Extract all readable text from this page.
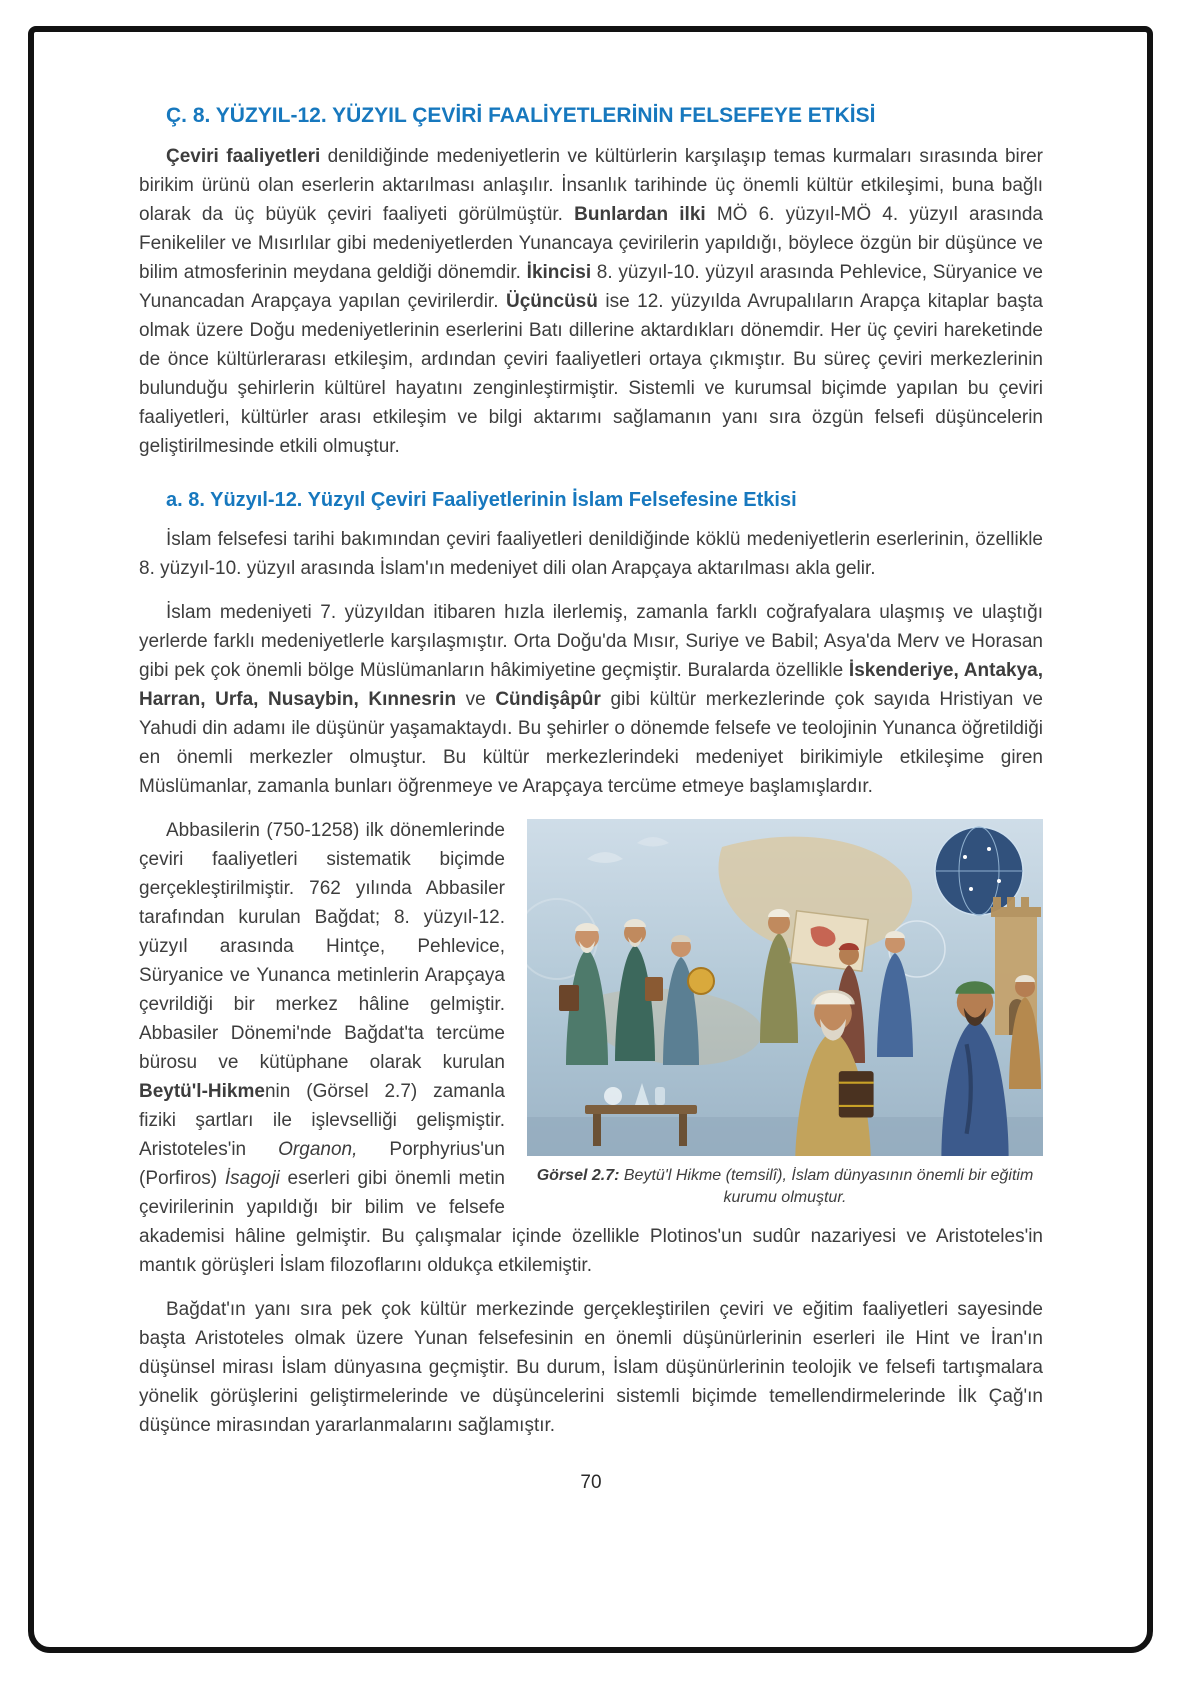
Ç. 8. YÜZYIL-12. YÜZYIL ÇEVİRİ FAALİYETLERİNİN FELSEFEYE ETKİSİ

Çeviri faaliyetleri denildiğinde medeniyetlerin ve kültürlerin karşılaşıp temas kurmaları sırasında birer birikim ürünü olan eserlerin aktarılması anlaşılır. İnsanlık tarihinde üç önemli kültür etkileşimi, buna bağlı olarak da üç büyük çeviri faaliyeti görülmüştür. Bunlardan ilki MÖ 6. yüzyıl-MÖ 4. yüzyıl arasında Fenikeliler ve Mısırlılar gibi medeniyetlerden Yunancaya çevirilerin yapıldığı, böylece özgün bir düşünce ve bilim atmosferinin meydana geldiği dönemdir. İkincisi 8. yüzyıl-10. yüzyıl arasında Pehlevice, Süryanice ve Yunancadan Arapçaya yapılan çevirilerdir. Üçüncüsü ise 12. yüzyılda Avrupalıların Arapça kitaplar başta olmak üzere Doğu medeniyetlerinin eserlerini Batı dillerine aktardıkları dönemdir. Her üç çeviri hareketinde de önce kültürlerarası etkileşim, ardından çeviri faaliyetleri ortaya çıkmıştır. Bu süreç çeviri merkezlerinin bulunduğu şehirlerin kültürel hayatını zenginleştirmiştir. Sistemli ve kurumsal biçimde yapılan bu çeviri faaliyetleri, kültürler arası etkileşim ve bilgi aktarımı sağlamanın yanı sıra özgün felsefi düşüncelerin geliştirilmesinde etkili olmuştur.

a. 8. Yüzyıl-12. Yüzyıl Çeviri Faaliyetlerinin İslam Felsefesine Etkisi

İslam felsefesi tarihi bakımından çeviri faaliyetleri denildiğinde köklü medeniyetlerin eserlerinin, özellikle 8. yüzyıl-10. yüzyıl arasında İslam'ın medeniyet dili olan Arapçaya aktarılması akla gelir.

İslam medeniyeti 7. yüzyıldan itibaren hızla ilerlemiş, zamanla farklı coğrafyalara ulaşmış ve ulaştığı yerlerde farklı medeniyetlerle karşılaşmıştır. Orta Doğu'da Mısır, Suriye ve Babil; Asya'da Merv ve Horasan gibi pek çok önemli bölge Müslümanların hâkimiyetine geçmiştir. Buralarda özellikle İskenderiye, Antakya, Harran, Urfa, Nusaybin, Kınnesrin ve Cündişâpûr gibi kültür merkezlerinde çok sayıda Hristiyan ve Yahudi din adamı ile düşünür yaşamaktaydı. Bu şehirler o dönemde felsefe ve teolojinin Yunanca öğretildiği en önemli merkezler olmuştur. Bu kültür merkezlerindeki medeniyet birikimiyle etkileşime giren Müslümanlar, zamanla bunları öğrenmeye ve Arapçaya tercüme etmeye başlamışlardır.

Görsel 2.7: Beytü'l Hikme (temsilî), İslam dünyasının önemli bir eğitim kurumu olmuştur.

Abbasilerin (750-1258) ilk dönemlerinde çeviri faaliyetleri sistematik biçimde gerçekleştirilmiştir. 762 yılında Abbasiler tarafından kurulan Bağdat; 8. yüzyıl-12. yüzyıl arasında Hintçe, Pehlevice, Süryanice ve Yunanca metinlerin Arapçaya çevrildiği bir merkez hâline gelmiştir. Abbasiler Dönemi'nde Bağdat'ta tercüme bürosu ve kütüphane olarak kurulan Beytü'l-Hikmenin (Görsel 2.7) zamanla fiziki şartları ile işlevselliği gelişmiştir. Aristoteles'in Organon, Porphyrius'un (Porfiros) İsagoji eserleri gibi önemli metin çevirilerinin yapıldığı bir bilim ve felsefe akademisi hâline gelmiştir. Bu çalışmalar içinde özellikle Plotinos'un sudûr nazariyesi ve Aristoteles'in mantık görüşleri İslam filozoflarını oldukça etkilemiştir.

Bağdat'ın yanı sıra pek çok kültür merkezinde gerçekleştirilen çeviri ve eğitim faaliyetleri sayesinde başta Aristoteles olmak üzere Yunan felsefesinin en önemli düşünürlerinin eserleri ile Hint ve İran'ın düşünsel mirası İslam dünyasına geçmiştir. Bu durum, İslam düşünürlerinin teolojik ve felsefi tartışmalara yönelik görüşlerini geliştirmelerinde ve düşüncelerini sistemli biçimde temellendirmelerinde İlk Çağ'ın düşünce mirasından yararlanmalarını sağlamıştır.

70
